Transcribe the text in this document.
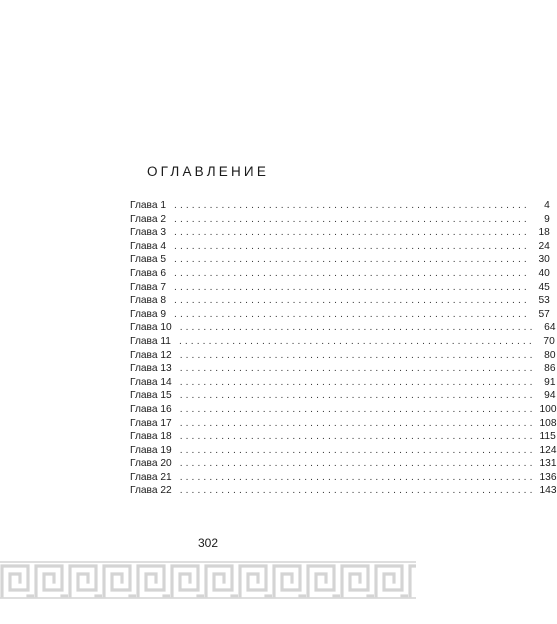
ОГЛАВЛЕНИЕ
Глава 1 ............................................................	4
Глава 2 ............................................................	9
Глава 3 ............................................................ 18
Глава 4 ............................................................ 24
Глава 5 ............................................................ 30
Глава 6 ............................................................ 40
Глава 7 ............................................................ 45
Глава 8 ............................................................ 53
Глава 9 ............................................................ 57
Глава 10 ............................................................ 64
Глава 11 ............................................................ 70
Глава 12 ............................................................ 80
Глава 13 ............................................................ 86
Глава 14 ............................................................ 91
Глава 15 ............................................................ 94
Глава 16 ............................................................ 100
Глава 17 ............................................................ 108
Глава 18 ............................................................ 115
Глава 19 ............................................................ 124
Глава 20 ............................................................ 131
Глава 21 ............................................................ 136
Глава 22 ............................................................ 143
302
